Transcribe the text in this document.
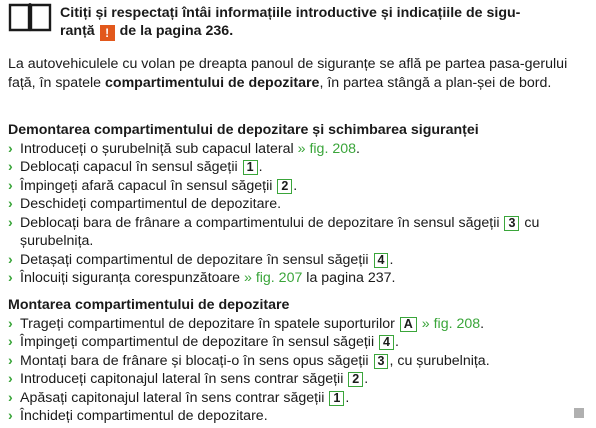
Citiți și respectați întâi informațiile introductive și indicațiile de sigu-
ranță ! de la pagina 236.
La autovehiculele cu volan pe dreapta panoul de siguranțe se află pe partea pasa-gerului față, în spatele compartimentului de depozitare, în partea stângă a plan-șei de bord.
Demontarea compartimentului de depozitare și schimbarea siguranței
› Introduceți o șurubelniță sub capacul lateral » fig. 208.
› Deblocați capacul în sensul săgeții 1 .
› Împingeți afară capacul în sensul săgeții 2 .
› Deschideți compartimentul de depozitare.
› Deblocați bara de frânare a compartimentului de depozitare în sensul săgeții 3 cu șurubelnița.
› Detașați compartimentul de depozitare în sensul săgeții 4 .
› Înlocuiți siguranța corespunzătoare » fig. 207 la pagina 237.
Montarea compartimentului de depozitare
› Trageți compartimentul de depozitare în spatele suporturilor A » fig. 208.
› Împingeți compartimentul de depozitare în sensul săgeții 4 .
› Montați bara de frânare și blocați-o în sens opus săgeții 3 , cu șurubelnița.
› Introduceți capitonajul lateral în sens contrar săgeții 2 .
› Apăsați capitonajul lateral în sens contrar săgeții 1 .
› Închideți compartimentul de depozitare.
